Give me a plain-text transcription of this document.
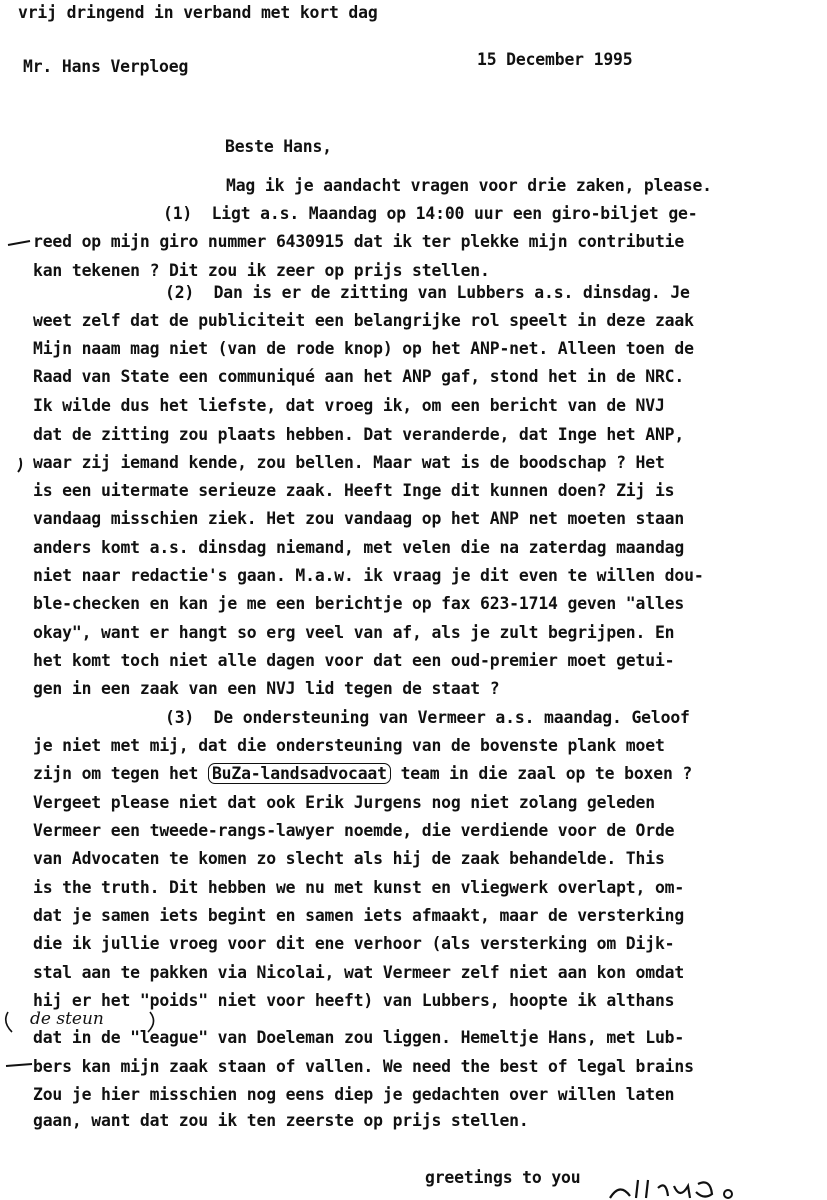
vrij dringend in verband met kort dag
Mr. Hans Verploeg	15 December 1995
Beste Hans,
Mag ik je aandacht vragen voor drie zaken, please.
(1)  Ligt a.s. Maandag op 14:00 uur een giro-biljet ge-
reed op mijn giro nummer 6430915 dat ik ter plekke mijn contributie
kan tekenen ? Dit zou ik zeer op prijs stellen.
(2)  Dan is er de zitting van Lubbers a.s. dinsdag. Je
weet zelf dat de publiciteit een belangrijke rol speelt in deze zaak
Mijn naam mag niet (van de rode knop) op het ANP-net. Alleen toen de
Raad van State een communiqué aan het ANP gaf, stond het in de NRC.
Ik wilde dus het liefste, dat vroeg ik, om een bericht van de NVJ
dat de zitting zou plaats hebben. Dat veranderde, dat Inge het ANP,
waar zij iemand kende, zou bellen. Maar wat is de boodschap ? Het
is een uitermate serieuze zaak. Heeft Inge dit kunnen doen? Zij is
vandaag misschien ziek. Het zou vandaag op het ANP net moeten staan
anders komt a.s. dinsdag niemand, met velen die na zaterdag maandag
niet naar redactie's gaan. M.a.w. ik vraag je dit even te willen dou-
ble-checken en kan je me een berichtje op fax 623-1714 geven "alles
okay", want er hangt so erg veel van af, als je zult begrijpen. En
het komt toch niet alle dagen voor dat een oud-premier moet getui-
gen in een zaak van een NVJ lid tegen de staat ?
(3)  De ondersteuning van Vermeer a.s. maandag. Geloof
je niet met mij, dat die ondersteuning van de bovenste plank moet
zijn om tegen het BuZa-landsadvocaat team in die zaal op te boxen ?
Vergeet please niet dat ook Erik Jurgens nog niet zolang geleden
Vermeer een tweede-rangs-lawyer noemde, die verdiende voor de Orde
van Advocaten te komen zo slecht als hij de zaak behandelde. This
is the truth. Dit hebben we nu met kunst en vliegwerk overlapt, om-
dat je samen iets begint en samen iets afmaakt, maar de versterking
die ik jullie vroeg voor dit ene verhoor (als versterking om Dijk-
stal aan te pakken via Nicolai, wat Vermeer zelf niet aan kon omdat
hij er het "poids" niet voor heeft) van Lubbers, hoopte ik althans
dat in de "league" van Doeleman zou liggen. Hemeltje Hans, met Lub-
bers kan mijn zaak staan of vallen. We need the best of legal brains
Zou je hier misschien nog eens diep je gedachten over willen laten
gaan, want dat zou ik ten zeerste op prijs stellen.
de steun
greetings to you
